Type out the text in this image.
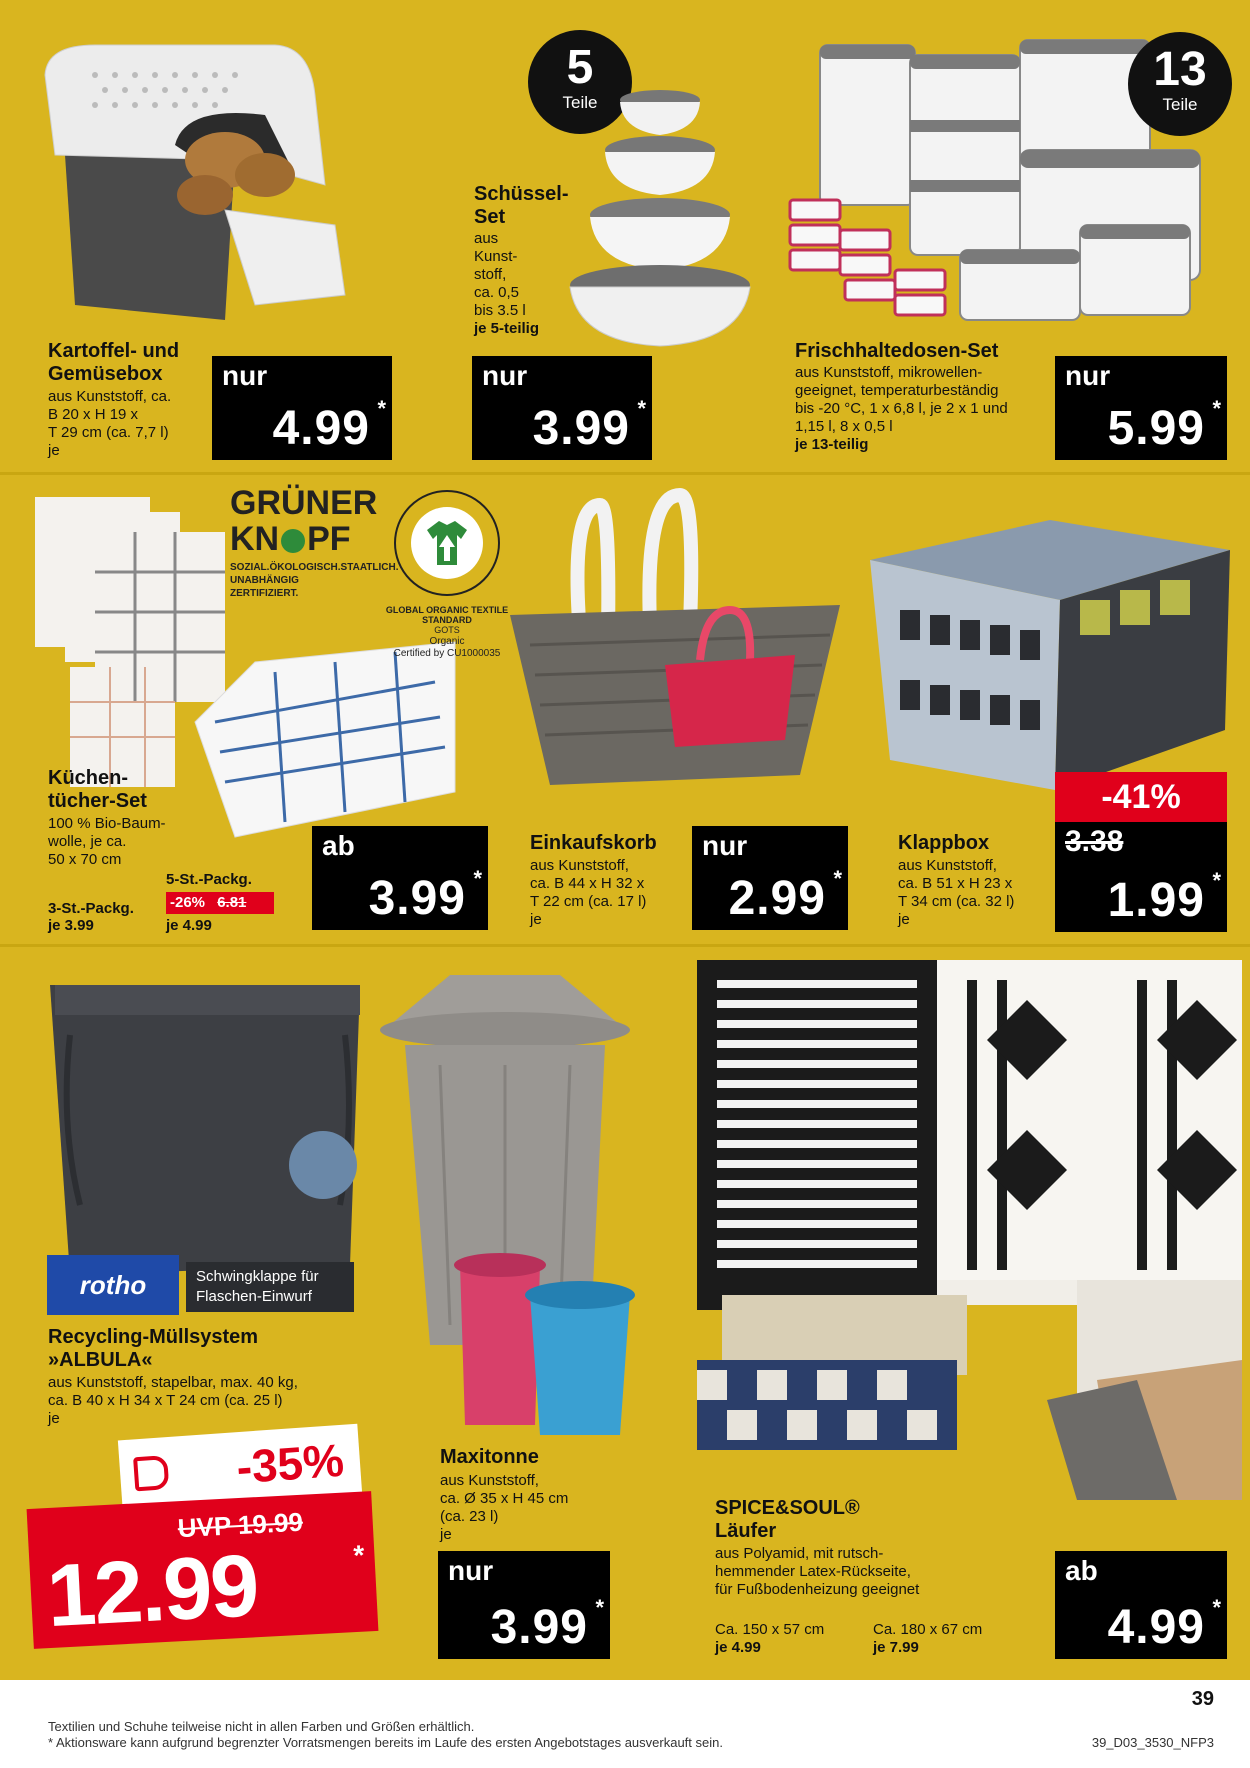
Kartoffel- und
Gemüsebox
aus Kunststoff, ca.
B 20 x H 19 x
T 29 cm (ca. 7,7 l)
je
nur
4.99 *
5
Teile
Schüssel-
Set
aus
Kunst-
stoff,
ca. 0,5
bis 3.5 l
je 5-teilig
nur
3.99 *
13
Teile
Frischhaltedosen-Set
aus Kunststoff, mikrowellen-
geeignet, temperaturbeständig
bis -20 °C, 1 x 6,8 l, je 2 x 1 und
1,15 l, 8 x 0,5 l
je 13-teilig
nur
5.99 *
GRÜNER
KN PF
SOZIAL.ÖKOLOGISCH.STAATLICH.
UNABHÄNGIG ZERTIFIZIERT.
GLOBAL ORGANIC TEXTILE STANDARD
GOTS
Organic
Certified by CU1000035
Küchen-
tücher-Set
100 % Bio-Baum-
wolle, je ca.
50 x 70 cm
5-St.-Packg.
-26% 6.81
je 4.99
3-St.-Packg.
je 3.99
ab
3.99 *
Einkaufskorb
aus Kunststoff,
ca. B 44 x H 32 x
T 22 cm (ca. 17 l)
je
nur
2.99 *
-41%
Klappbox
aus Kunststoff,
ca. B 51 x H 23 x
T 34 cm (ca. 32 l)
je
3.38
1.99 *
rotho	Schwingklappe für
Flaschen-Einwurf
Recycling-Müllsystem
»ALBULA«
aus Kunststoff, stapelbar, max. 40 kg,
ca. B 40 x H 34 x T 24 cm (ca. 25 l)
je
-35%
UVP 19.99
12.99	*
Maxitonne
aus Kunststoff,
ca. Ø 35 x H 45 cm
(ca. 23 l)
je
nur
3.99 *
SPICE&SOUL®
Läufer
aus Polyamid, mit rutsch-
hemmender Latex-Rückseite,
für Fußbodenheizung geeignet
Ca. 150 x 57 cm
je 4.99
Ca. 180 x 67 cm
je 7.99
ab
4.99 *
39
Textilien und Schuhe teilweise nicht in allen Farben und Größen erhältlich.
* Aktionsware kann aufgrund begrenzter Vorratsmengen bereits im Laufe des ersten Angebotstages ausverkauft sein.	39_D03_3530_NFP3
